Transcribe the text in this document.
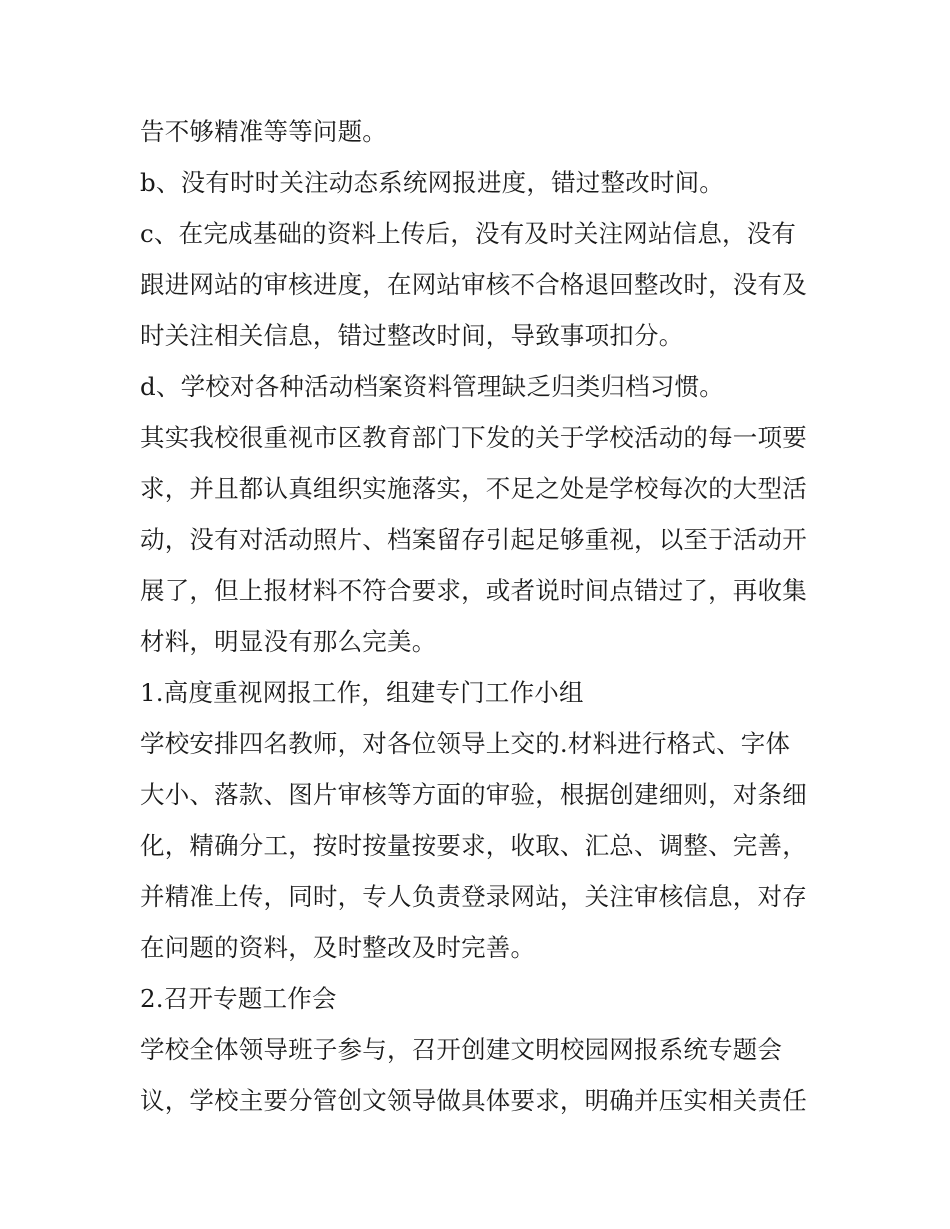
告不够精准等等问题。
b、没有时时关注动态系统网报进度，错过整改时间。
c、在完成基础的资料上传后，没有及时关注网站信息，没有
跟进网站的审核进度，在网站审核不合格退回整改时，没有及
时关注相关信息，错过整改时间，导致事项扣分。
d、学校对各种活动档案资料管理缺乏归类归档习惯。
其实我校很重视市区教育部门下发的关于学校活动的每一项要
求，并且都认真组织实施落实，不足之处是学校每次的大型活
动，没有对活动照片、档案留存引起足够重视，以至于活动开
展了，但上报材料不符合要求，或者说时间点错过了，再收集
材料，明显没有那么完美。
1.高度重视网报工作，组建专门工作小组
学校安排四名教师，对各位领导上交的.材料进行格式、字体
大小、落款、图片审核等方面的审验，根据创建细则，对条细
化，精确分工，按时按量按要求，收取、汇总、调整、完善，
并精准上传，同时，专人负责登录网站，关注审核信息，对存
在问题的资料，及时整改及时完善。
2.召开专题工作会
学校全体领导班子参与，召开创建文明校园网报系统专题会
议，学校主要分管创文领导做具体要求，明确并压实相关责任
